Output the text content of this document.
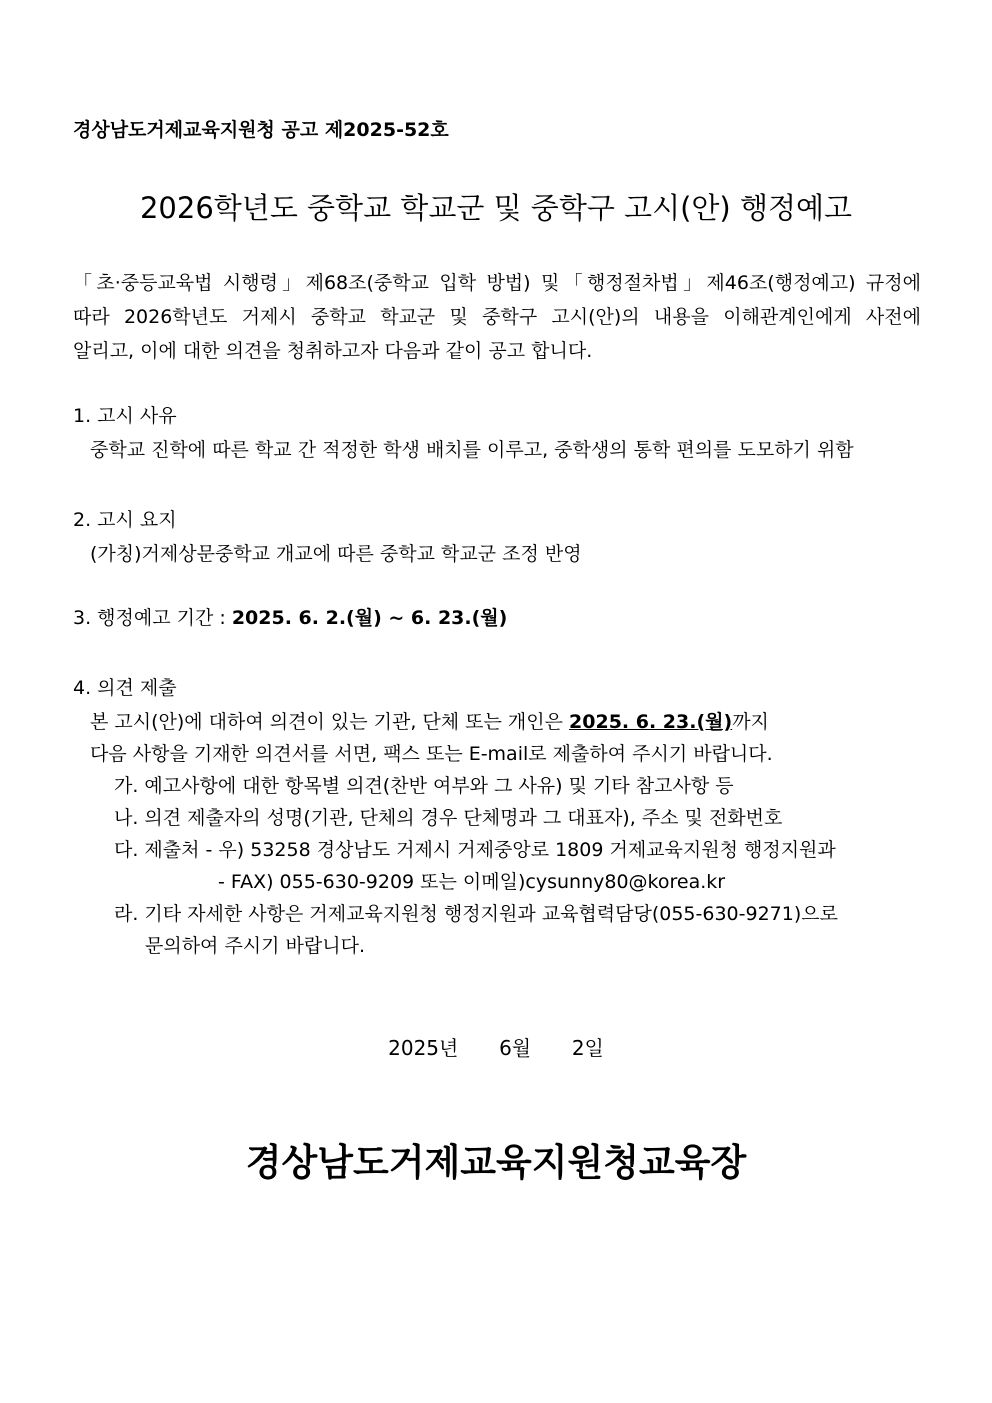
경상남도거제교육지원청 공고 제2025-52호
2026학년도 중학교 학교군 및 중학구 고시(안) 행정예고
「초·중등교육법 시행령」제68조(중학교 입학 방법) 및「행정절차법」제46조(행정예고) 규정에
따라 2026학년도 거제시 중학교 학교군 및 중학구 고시(안)의 내용을 이해관계인에게 사전에
알리고, 이에 대한 의견을 청취하고자 다음과 같이 공고 합니다.
1. 고시 사유
중학교 진학에 따른 학교 간 적정한 학생 배치를 이루고, 중학생의 통학 편의를 도모하기 위함
2. 고시 요지
(가칭)거제상문중학교 개교에 따른 중학교 학교군 조정 반영
3. 행정예고 기간 : 2025. 6. 2.(월) ~ 6. 23.(월)
4. 의견 제출
본 고시(안)에 대하여 의견이 있는 기관, 단체 또는 개인은 2025. 6. 23.(월)까지
다음 사항을 기재한 의견서를 서면, 팩스 또는 E-mail로 제출하여 주시기 바랍니다.
가. 예고사항에 대한 항목별 의견(찬반 여부와 그 사유) 및 기타 참고사항 등
나. 의견 제출자의 성명(기관, 단체의 경우 단체명과 그 대표자), 주소 및 전화번호
다. 제출처 - 우) 53258 경상남도 거제시 거제중앙로 1809 거제교육지원청 행정지원과
- FAX) 055-630-9209 또는 이메일)cysunny80@korea.kr
라. 기타 자세한 사항은 거제교육지원청 행정지원과 교육협력담당(055-630-9271)으로
문의하여 주시기 바랍니다.
2025년 6월 2일
경상남도거제교육지원청교육장
